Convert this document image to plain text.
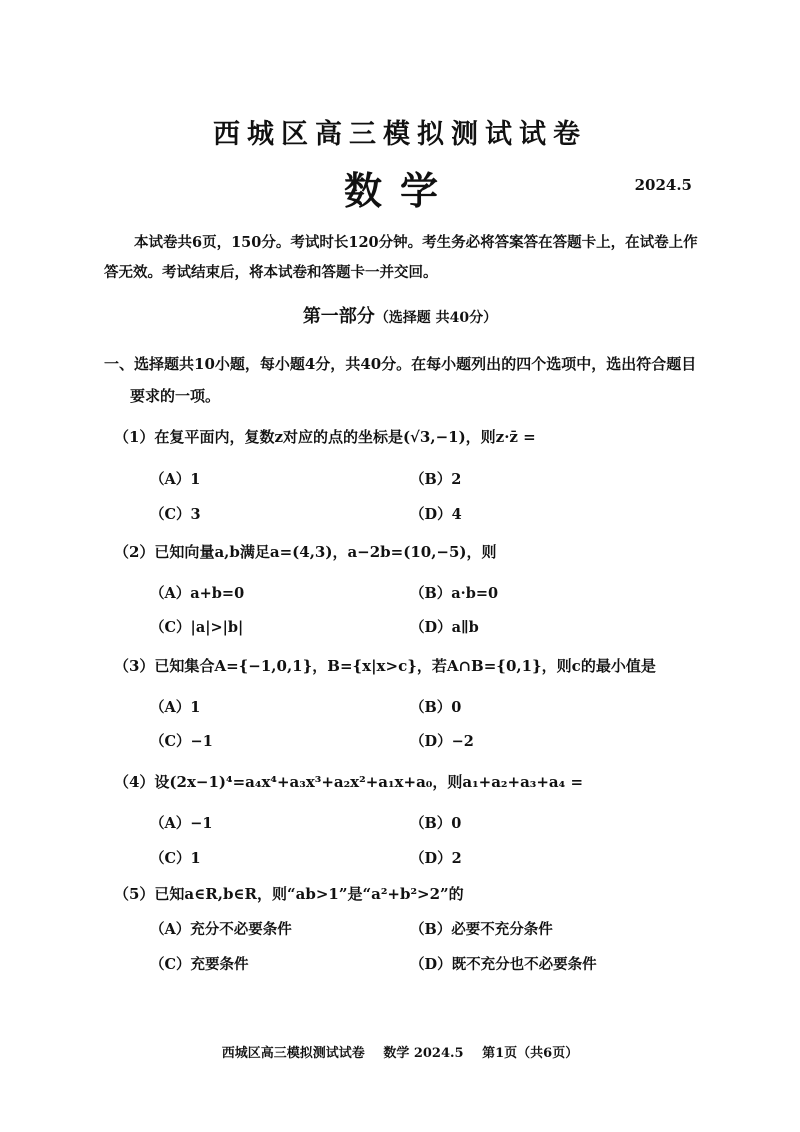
西城区高三模拟测试试卷
数学	2024.5
本试卷共6页，150分。考试时长120分钟。考生务必将答案答在答题卡上，在试卷上作答无效。考试结束后，将本试卷和答题卡一并交回。
第一部分（选择题 共40分）
一、选择题共10小题，每小题4分，共40分。在每小题列出的四个选项中，选出符合题目
要求的一项。
（1）在复平面内，复数z对应的点的坐标是(√3,−1)，则z·z̄ =
（A）1	（B）2
（C）3	（D）4
（2）已知向量a,b满足a=(4,3)，a−2b=(10,−5)，则
（A）a+b=0	（B）a·b=0
（C）|a|>|b|	（D）a∥b
（3）已知集合A={−1,0,1}，B={x|x>c}，若A∩B={0,1}，则c的最小值是
（A）1	（B）0
（C）−1	（D）−2
（4）设(2x−1)⁴=a₄x⁴+a₃x³+a₂x²+a₁x+a₀，则a₁+a₂+a₃+a₄ =
（A）−1	（B）0
（C）1	（D）2
（5）已知a∈R,b∈R，则“ab>1”是“a²+b²>2”的
（A）充分不必要条件	（B）必要不充分条件
（C）充要条件	（D）既不充分也不必要条件
西城区高三模拟测试试卷 数学 2024.5 第1页（共6页）
